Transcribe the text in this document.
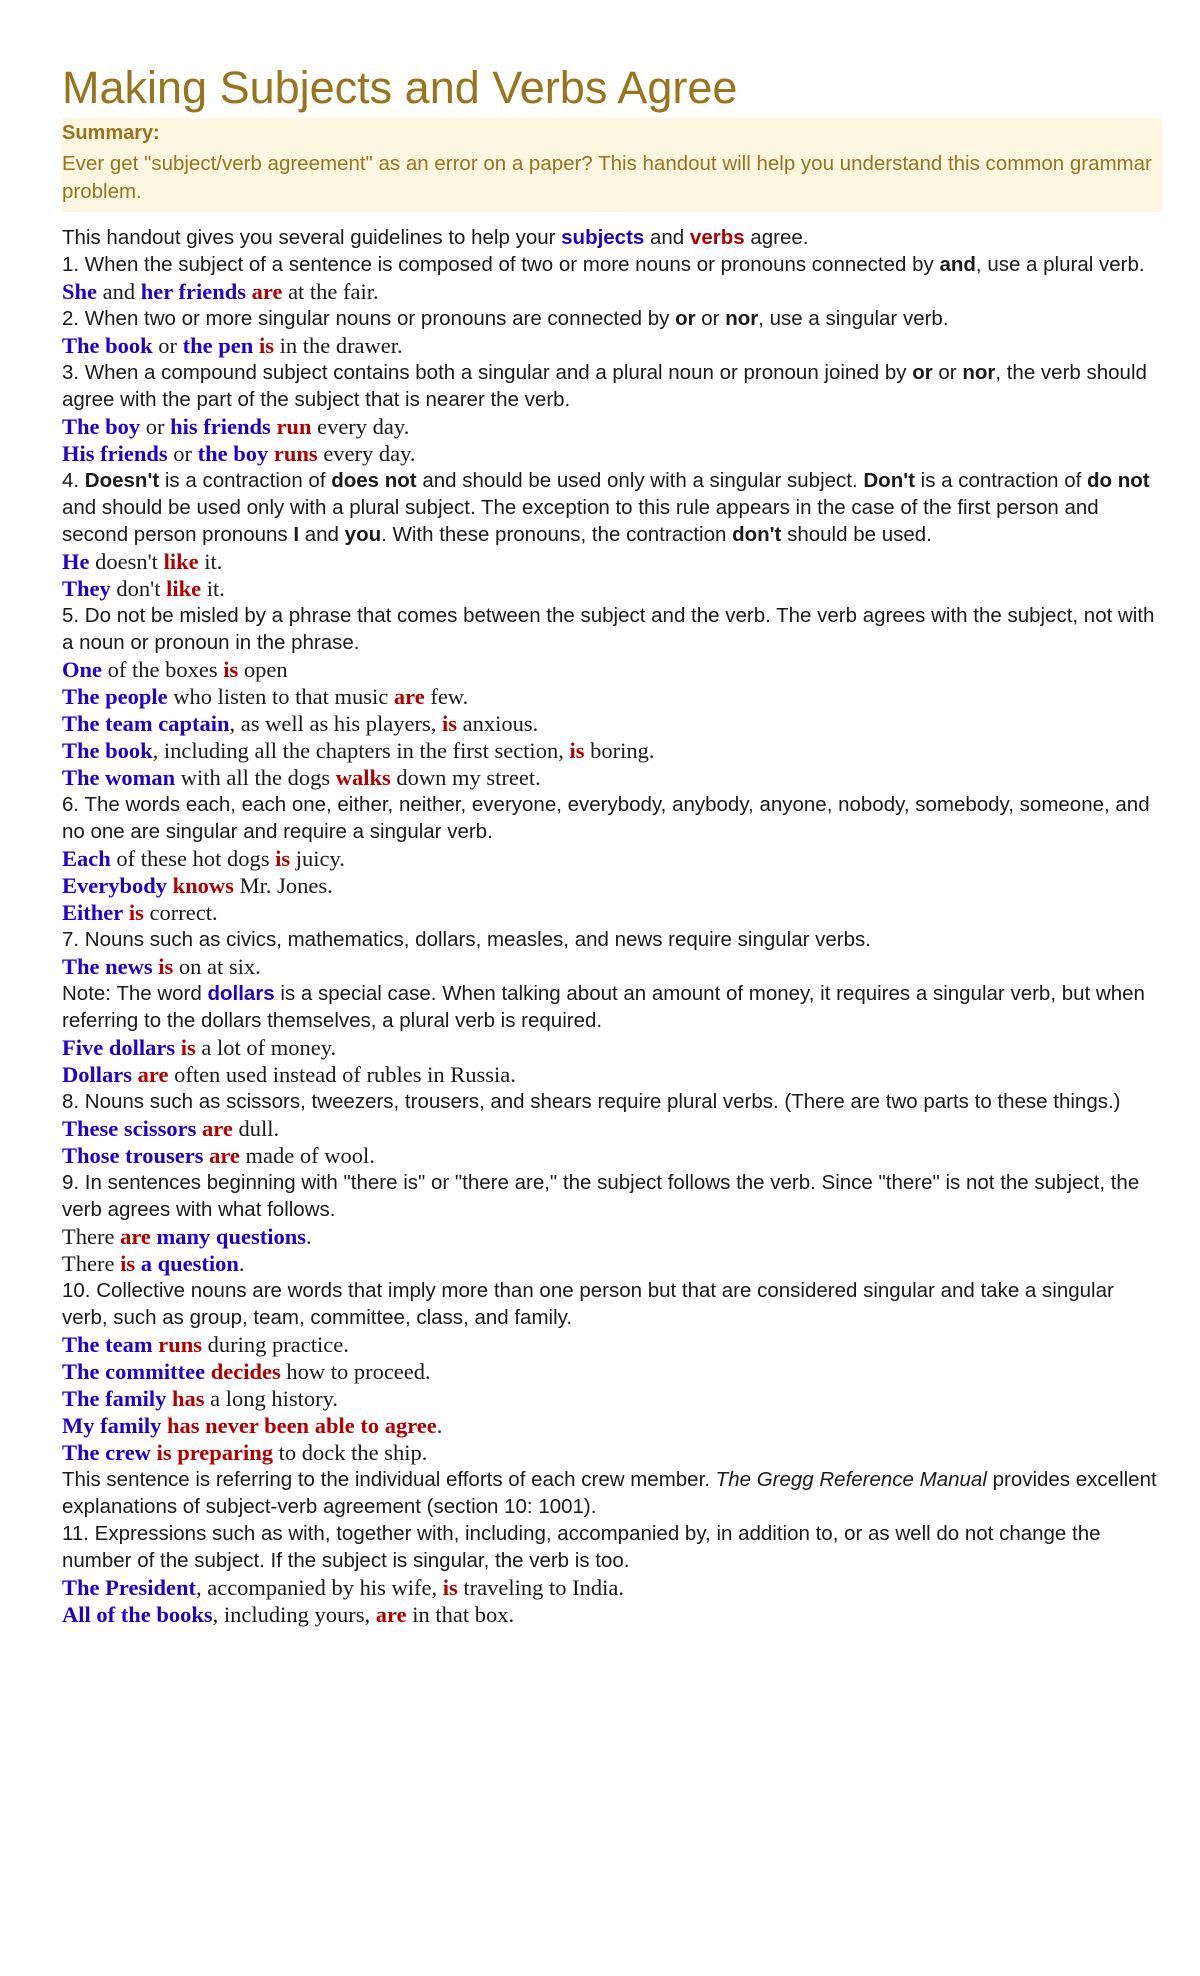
Making Subjects and Verbs Agree
Summary:
Ever get "subject/verb agreement" as an error on a paper? This handout will help you understand this common grammar problem.
This handout gives you several guidelines to help your subjects and verbs agree.
1. When the subject of a sentence is composed of two or more nouns or pronouns connected by and, use a plural verb.
She and her friends are at the fair.
2. When two or more singular nouns or pronouns are connected by or or nor, use a singular verb.
The book or the pen is in the drawer.
3. When a compound subject contains both a singular and a plural noun or pronoun joined by or or nor, the verb should agree with the part of the subject that is nearer the verb.
The boy or his friends run every day.
His friends or the boy runs every day.
4. Doesn't is a contraction of does not and should be used only with a singular subject. Don't is a contraction of do not and should be used only with a plural subject. The exception to this rule appears in the case of the first person and second person pronouns I and you. With these pronouns, the contraction don't should be used.
He doesn't like it.
They don't like it.
5. Do not be misled by a phrase that comes between the subject and the verb. The verb agrees with the subject, not with a noun or pronoun in the phrase.
One of the boxes is open
The people who listen to that music are few.
The team captain, as well as his players, is anxious.
The book, including all the chapters in the first section, is boring.
The woman with all the dogs walks down my street.
6. The words each, each one, either, neither, everyone, everybody, anybody, anyone, nobody, somebody, someone, and no one are singular and require a singular verb.
Each of these hot dogs is juicy.
Everybody knows Mr. Jones.
Either is correct.
7. Nouns such as civics, mathematics, dollars, measles, and news require singular verbs.
The news is on at six.
Note: The word dollars is a special case. When talking about an amount of money, it requires a singular verb, but when referring to the dollars themselves, a plural verb is required.
Five dollars is a lot of money.
Dollars are often used instead of rubles in Russia.
8. Nouns such as scissors, tweezers, trousers, and shears require plural verbs. (There are two parts to these things.)
These scissors are dull.
Those trousers are made of wool.
9. In sentences beginning with "there is" or "there are," the subject follows the verb. Since "there" is not the subject, the verb agrees with what follows.
There are many questions.
There is a question.
10. Collective nouns are words that imply more than one person but that are considered singular and take a singular verb, such as group, team, committee, class, and family.
The team runs during practice.
The committee decides how to proceed.
The family has a long history.
My family has never been able to agree.
The crew is preparing to dock the ship.
This sentence is referring to the individual efforts of each crew member. The Gregg Reference Manual provides excellent explanations of subject-verb agreement (section 10: 1001).
11. Expressions such as with, together with, including, accompanied by, in addition to, or as well do not change the number of the subject. If the subject is singular, the verb is too.
The President, accompanied by his wife, is traveling to India.
All of the books, including yours, are in that box.
